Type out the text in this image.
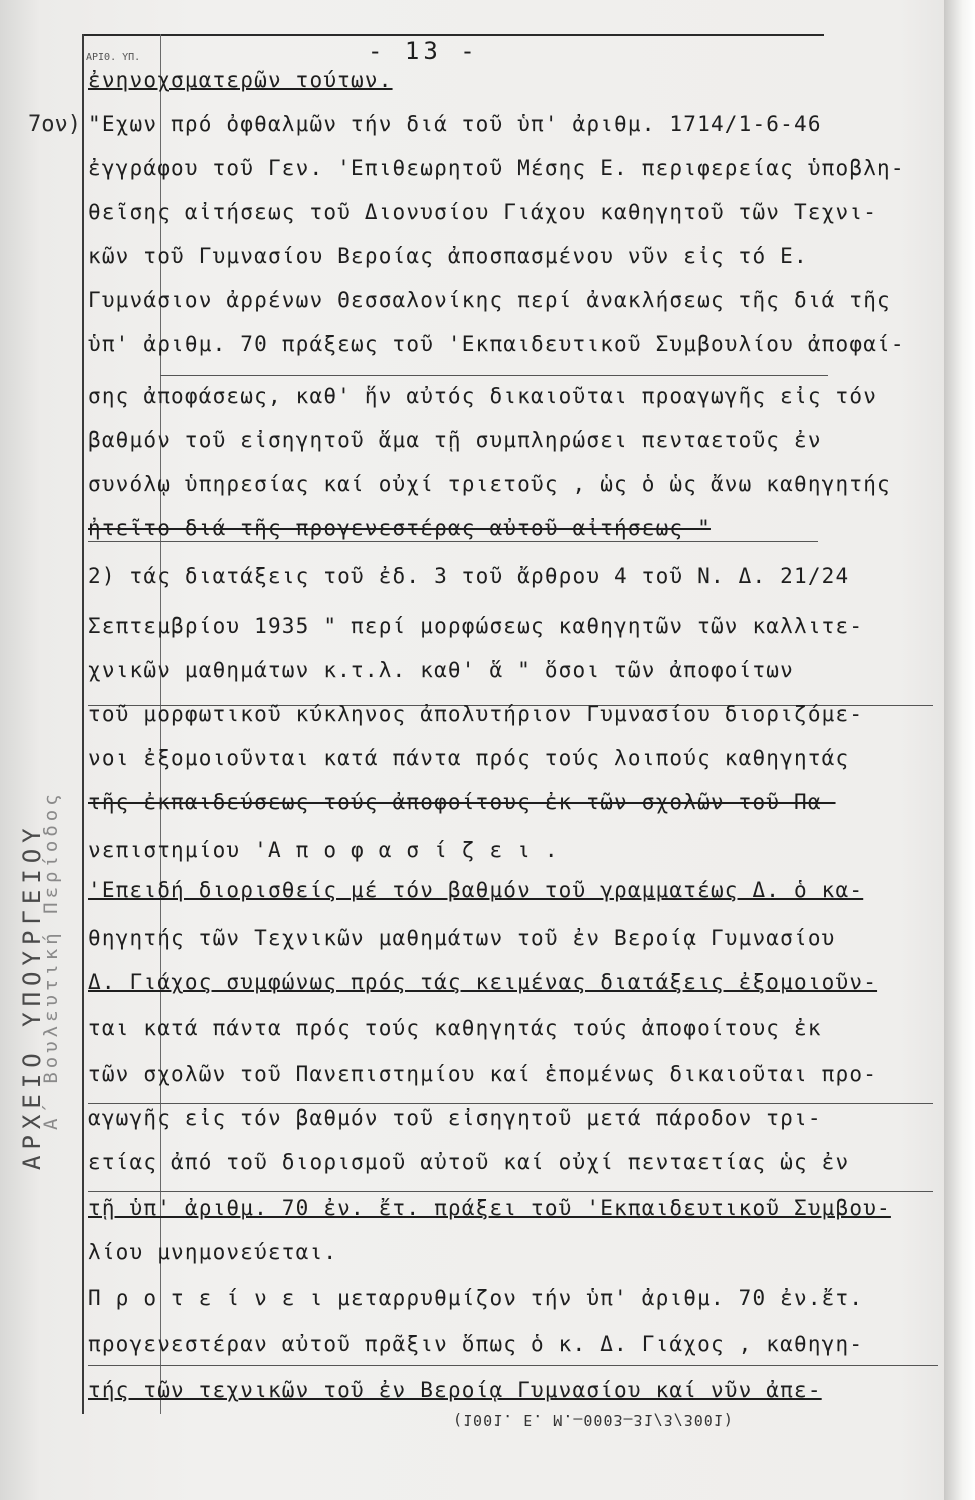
ΑΡΙΘ. ΥΠ.	- 13 -
7ον)
ΑΡΧΕΙΟ ΥΠΟΥΡΓΕΙΟΥ
Α΄ Βουλευτική Περίοδος
ἐνηνοχσματερῶν τούτων.
"Εχων πρό ὀφθαλμῶν τήν διά τοῦ ὑπ' ἀριθμ. 1714/1-6-46
ἐγγράφου τοῦ Γεν. 'Επιθεωρητοῦ Μέσης Ε. περιφερείας ὑποβλη-
θεῖσης αἰτήσεως τοῦ Διονυσίου Γιάχου καθηγητοῦ τῶν Τεχνι-
κῶν τοῦ Γυμνασίου Βεροίας ἀποσπασμένου νῦν εἰς τό Ε.
Γυμνάσιον ἀρρένων Θεσσαλονίκης περί ἀνακλήσεως τῆς διά τῆς
ὑπ' ἀριθμ. 70 πράξεως τοῦ 'Εκπαιδευτικοῦ Συμβουλίου ἀποφαί-
σης ἀποφάσεως, καθ' ἥν αὐτός δικαιοῦται προαγωγῆς εἰς τόν
βαθμόν τοῦ εἰσηγητοῦ ἅμα τῇ συμπληρώσει πενταετοῦς ἐν
συνόλῳ ὑπηρεσίας καί οὐχί τριετοῦς , ὡς ὁ ὡς ἄνω καθηγητής
ἠτεῖτο διά τῆς προγενεστέρας αὐτοῦ αἰτήσεως "
2) τάς διατάξεις τοῦ ἐδ. 3 τοῦ ἄρθρου 4 τοῦ Ν. Δ. 21/24
Σεπτεμβρίου 1935 " περί μορφώσεως καθηγητῶν τῶν καλλιτε-
χνικῶν μαθημάτων κ.τ.λ. καθ' ἅ " ὅσοι τῶν ἀποφοίτων
τοῦ μορφωτικοῦ κύκληνος ἀπολυτήριον Γυμνασίου διοριζόμε-
νοι ἐξομοιοῦνται κατά πάντα πρός τούς λοιπούς καθηγητάς
τῆς ἐκπαιδεύσεως τούς ἀποφοίτους ἐκ τῶν σχολῶν τοῦ Πα-
νεπιστημίου 'Α π ο φ α σ ί ζ ε ι .
'Επειδή διορισθείς μέ τόν βαθμόν τοῦ γραμματέως Δ. ὁ κα-
θηγητής τῶν Τεχνικῶν μαθημάτων τοῦ ἐν Βεροίᾳ Γυμνασίου
Δ. Γιάχος συμφώνως πρός τάς κειμένας διατάξεις ἐξομοιοῦν-
ται κατά πάντα πρός τούς καθηγητάς τούς ἀποφοίτους ἐκ
τῶν σχολῶν τοῦ Πανεπιστημίου καί ἑπομένως δικαιοῦται προ-
αγωγῆς εἰς τόν βαθμόν τοῦ εἰσηγητοῦ μετά πάροδον τρι-
ετίας ἀπό τοῦ διορισμοῦ αὐτοῦ καί οὐχί πενταετίας ὡς ἐν
τῇ ὑπ' ἀριθμ. 70 ἐν. ἔτ. πράξει τοῦ 'Εκπαιδευτικοῦ Συμβου-
λίου μνημονεύεται.
Π ρ ο τ ε ί ν ε ι μεταρρυθμίζον τήν ὑπ' ἀριθμ. 70 ἐν.ἔτ.
προγενεστέραν αὐτοῦ πρᾶξιν ὅπως ὁ κ. Δ. Γιάχος , καθηγη-
τής τῶν τεχνικῶν τοῦ ἐν Βεροίᾳ Γυμνασίου καί νῦν ἀπε-
(1001. Ε. Μ.—0003—31/3/3001)
